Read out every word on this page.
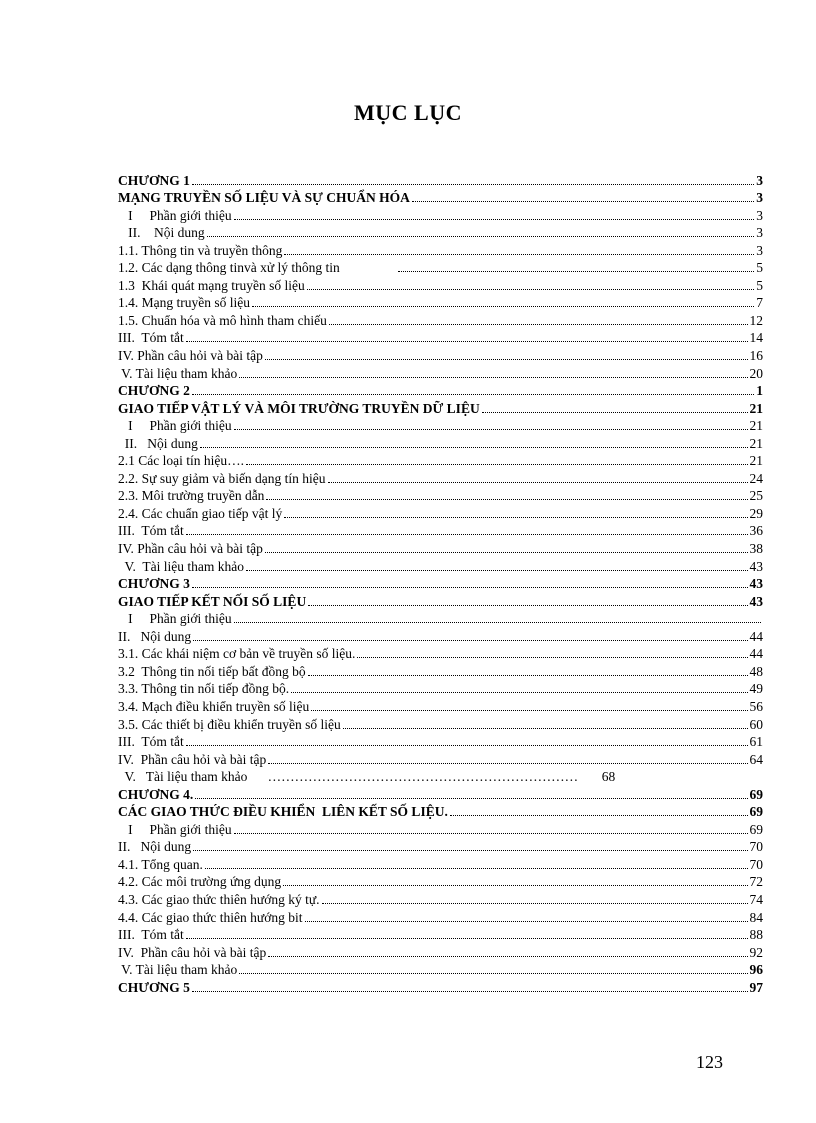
MỤC LỤC
CHƯƠNG 1	3
MẠNG TRUYỀN SỐ LIỆU VÀ SỰ CHUẨN HÓA	3
I     Phần giới thiệu	3
II.    Nội dung	3
1.1. Thông tin và truyền thông	3
1.2. Các dạng thông tinvà xử lý thông tin	5
1.3  Khái quát mạng truyền số liệu	5
1.4. Mạng truyền số liệu	7
1.5. Chuẩn hóa và mô hình tham chiếu	12
III.  Tóm tắt	14
IV. Phần câu hỏi và bài tập	16
V. Tài liệu tham khảo	20
CHƯƠNG 2	1
GIAO TIẾP VẬT LÝ VÀ MÔI TRƯỜNG TRUYỀN DỮ LIỆU	21
I     Phần giới thiệu	21
II.   Nội dung	21
2.1 Các loại tín hiệu….	21
2.2. Sự suy giảm và biến dạng tín hiệu	24
2.3. Môi trường truyền dẫn	25
2.4. Các chuẩn giao tiếp vật lý	29
III.  Tóm tắt	36
IV. Phần câu hỏi và bài tập	38
V.  Tài liệu tham khảo	43
CHƯƠNG 3	43
GIAO TIẾP KẾT NỐI SỐ LIỆU	43
I     Phần giới thiệu
II.   Nội dung	44
3.1. Các khái niệm cơ bản về truyền số liệu.	44
3.2  Thông tin nối tiếp bất đồng bộ	48
3.3. Thông tin nối tiếp đồng bộ.	49
3.4. Mạch điều khiển truyền số liệu	56
3.5. Các thiết bị điều khiển truyền số liệu	60
III.  Tóm tắt	61
IV.  Phần câu hỏi và bài tập	64
V.   Tài liệu tham khảo      ……………………………………………………………       68
CHƯƠNG 4.	69
CÁC GIAO THỨC ĐIỀU KHIỂN  LIÊN KẾT SỐ LIỆU.	69
I     Phần giới thiệu	69
II.   Nội dung	70
4.1. Tổng quan.	70
4.2. Các môi trường ứng dụng	72
4.3. Các giao thức thiên hướng ký tự.	74
4.4. Các giao thức thiên hướng bit	84
III.  Tóm tắt	88
IV.  Phần câu hỏi và bài tập	92
V. Tài liệu tham khảo	96
CHƯƠNG 5	97
123
